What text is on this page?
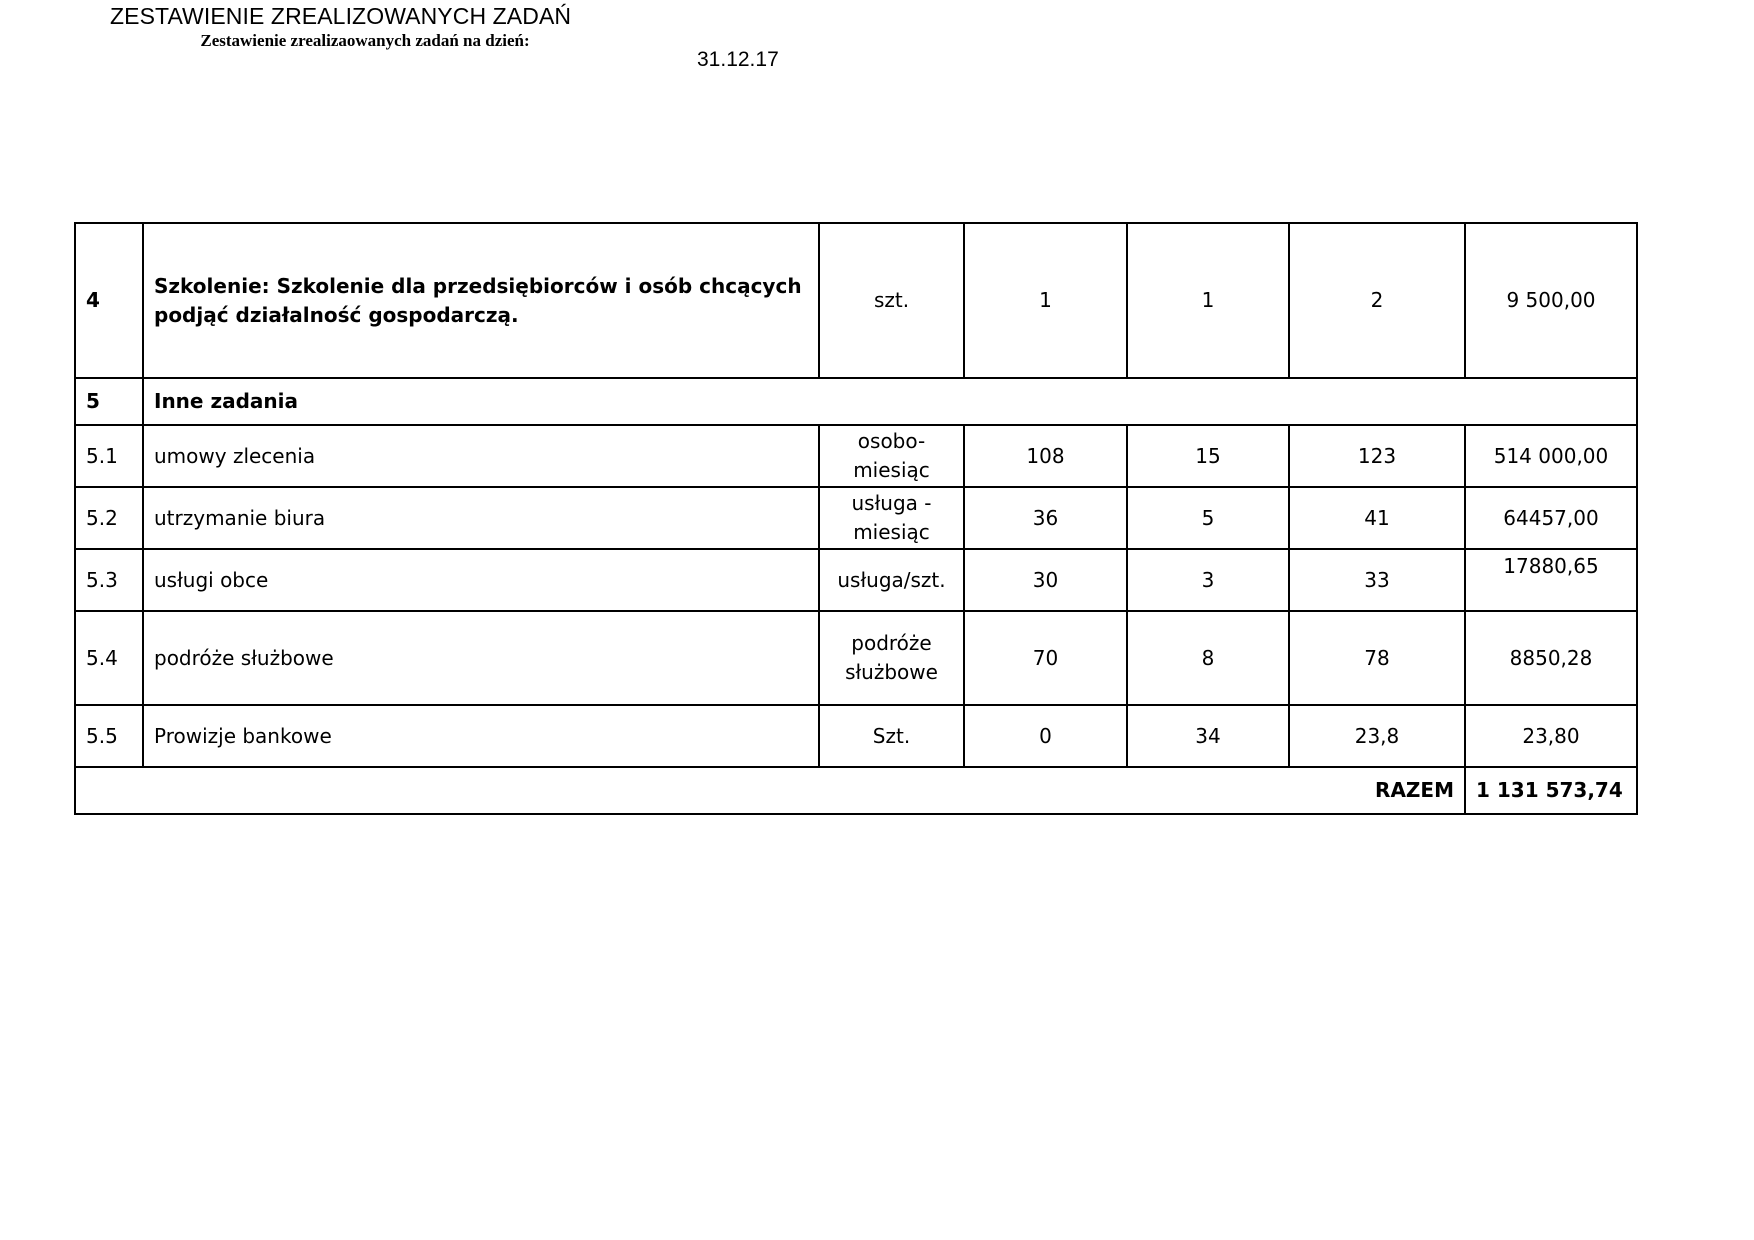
ZESTAWIENIE ZREALIZOWANYCH ZADAŃ
Zestawienie zrealizaowanych zadań na dzień:
31.12.17
4	Szkolenie: Szkolenie dla przedsiębiorców i osób chcących podjąć działalność gospodarczą.	szt.	1	1	2	9 500,00
5	Inne zadania					
5.1	umowy zlecenia	osobo-miesiąc	108	15	123	514 000,00
5.2	utrzymanie biura	usługa - miesiąc	36	5	41	64457,00
5.3	usługi obce	usługa/szt.	30	3	33	17880,65
5.4	podróże służbowe	podróże służbowe	70	8	78	8850,28
5.5	Prowizje bankowe	Szt.	0	34	23,8	23,80
RAZEM						1 131 573,74
